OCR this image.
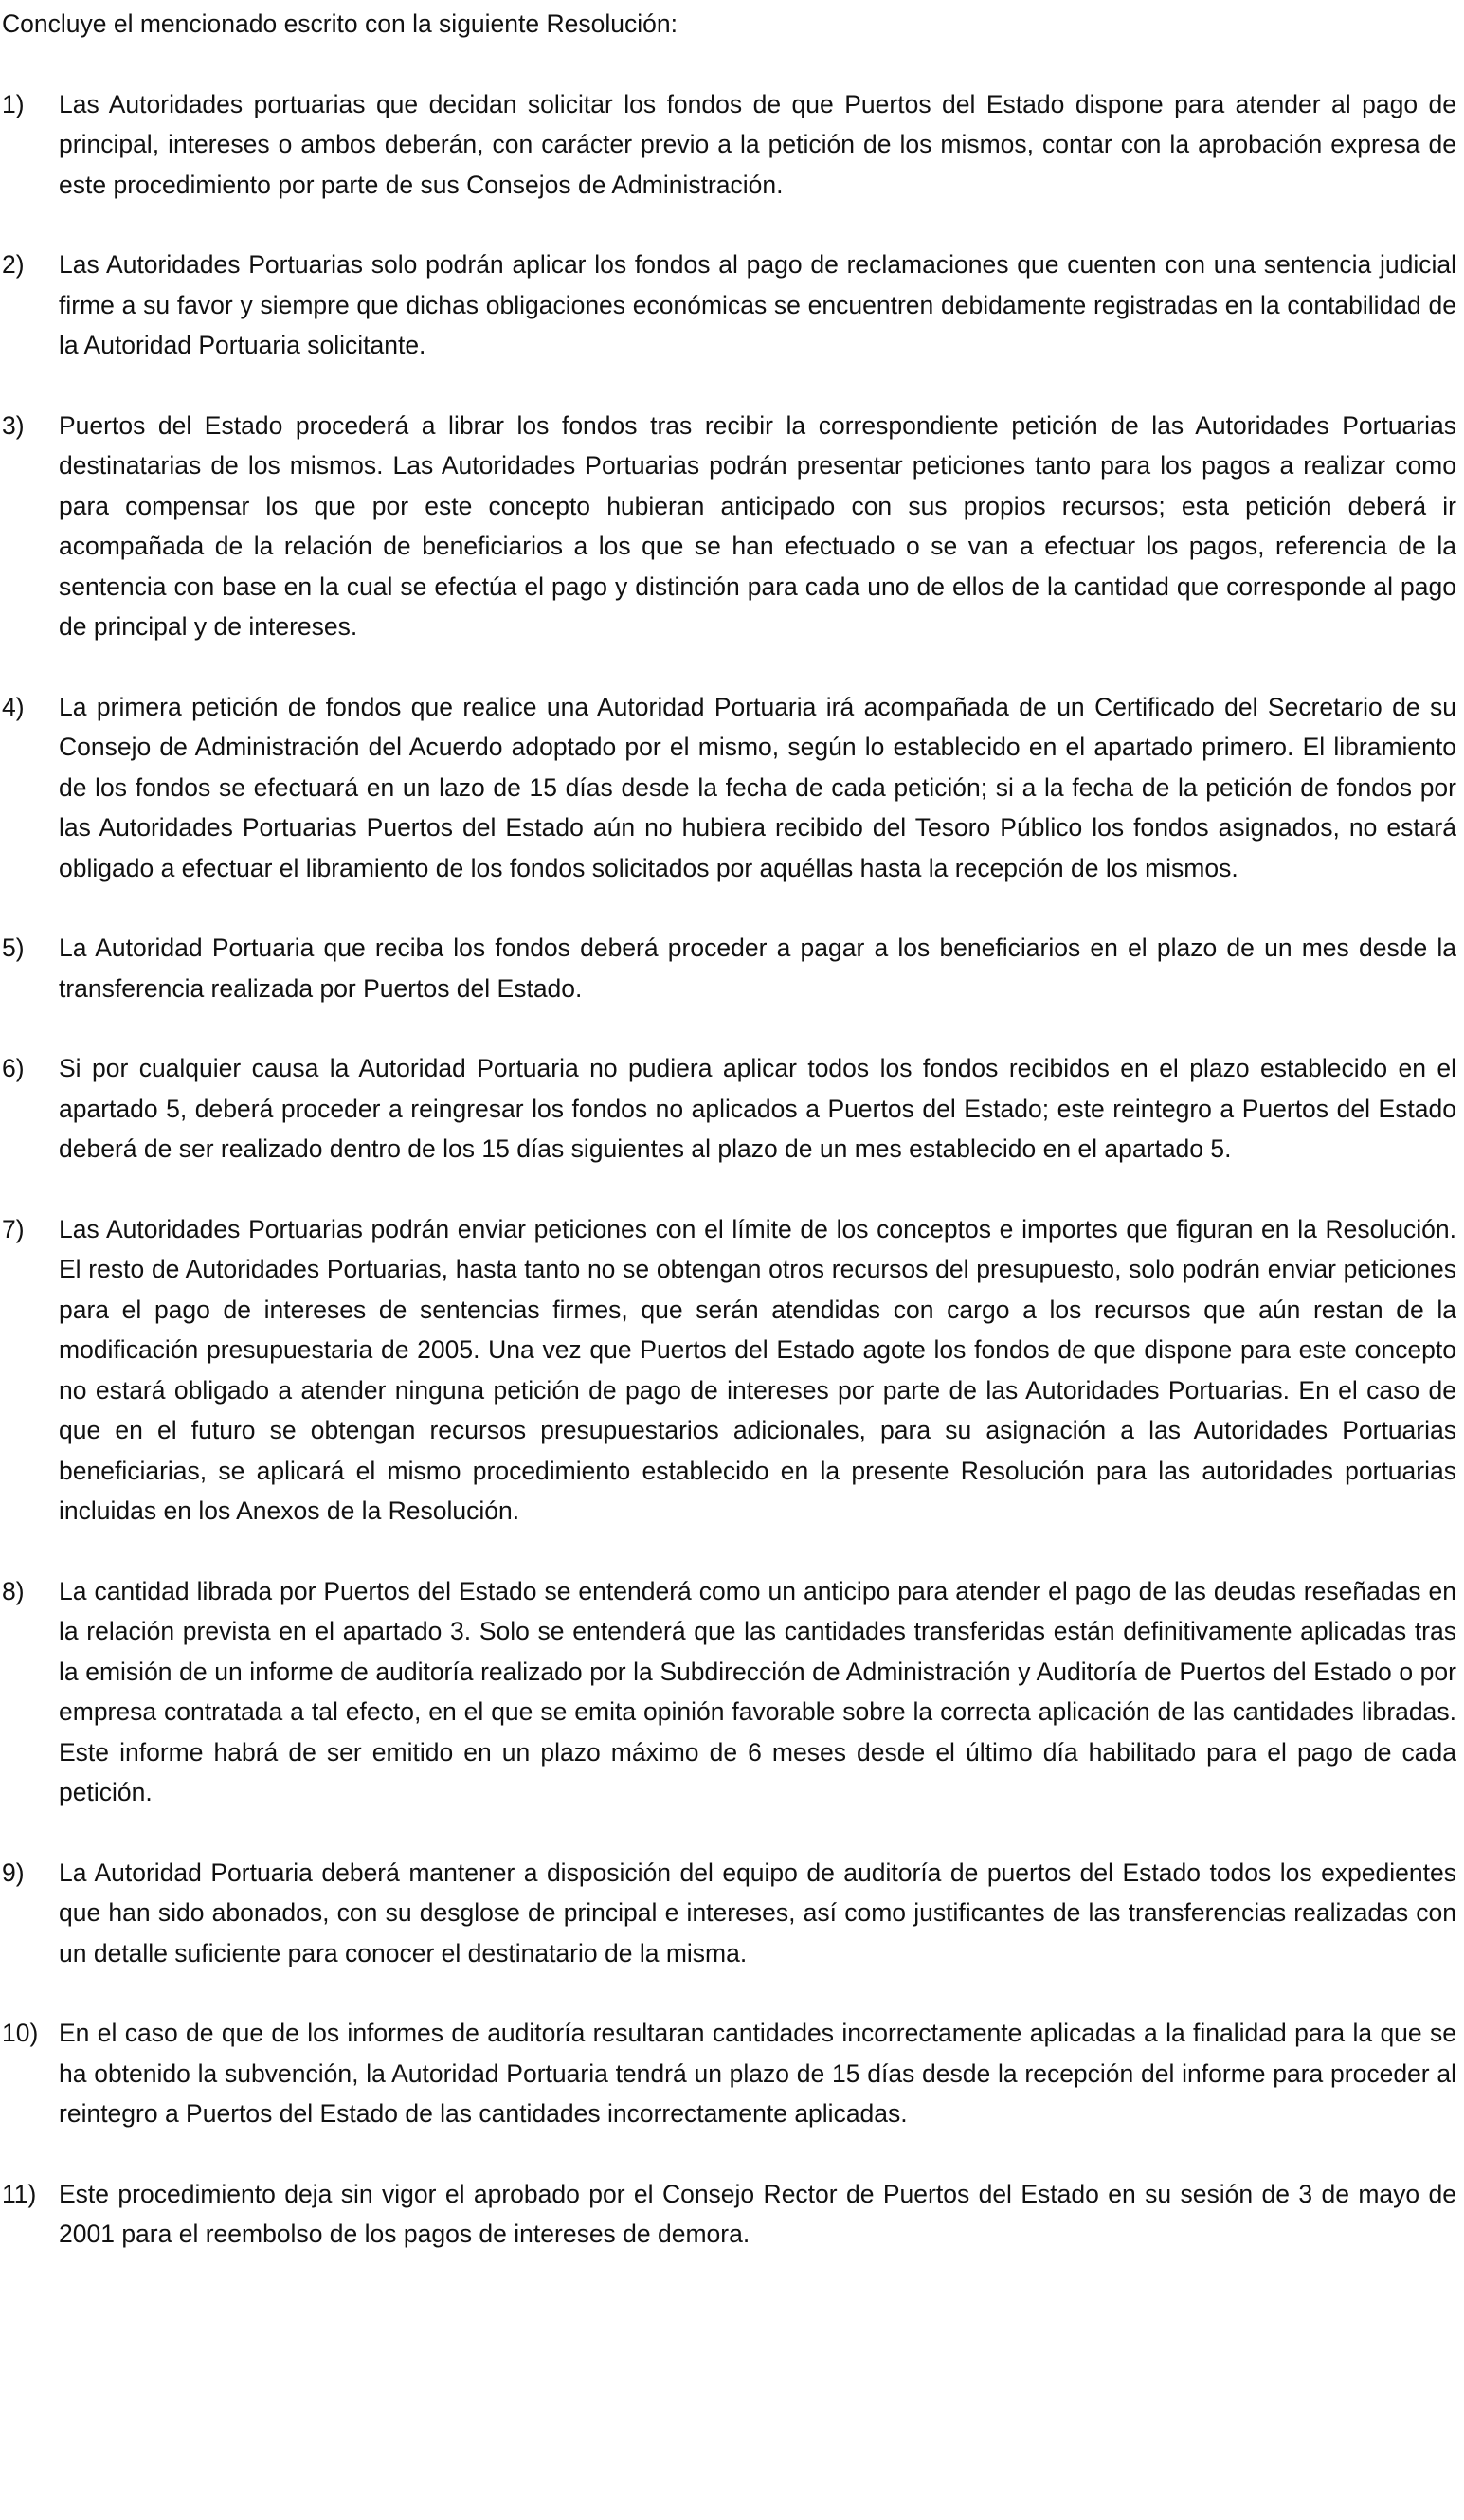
Concluye el mencionado escrito con la siguiente Resolución:

1)	Las Autoridades portuarias que decidan solicitar los fondos de que Puertos del Estado dispone para atender al pago de principal, intereses o ambos deberán, con carácter previo a la petición de los mismos, contar con la aprobación expresa de este procedimiento por parte de sus Consejos de Administración.
2)	Las Autoridades Portuarias solo podrán aplicar los fondos al pago de reclamaciones que cuenten con una sentencia judicial firme a su favor y siempre que dichas obligaciones económicas se encuentren debidamente registradas en la contabilidad de la Autoridad Portuaria solicitante.
3)	Puertos del Estado procederá a librar los fondos tras recibir la correspondiente petición de las Autoridades Portuarias destinatarias de los mismos. Las Autoridades Portuarias podrán presentar peticiones tanto para los pagos a realizar como para compensar los que por este concepto hubieran anticipado con sus propios recursos; esta petición deberá ir acompañada de la relación de beneficiarios a los que se han efectuado o se van a efectuar los pagos, referencia de la sentencia con base en la cual se efectúa el pago y distinción para cada uno de ellos de la cantidad que corresponde al pago de principal y de intereses.
4)	La primera petición de fondos que realice una Autoridad Portuaria irá acompañada de un Certificado del Secretario de su Consejo de Administración del Acuerdo adoptado por el mismo, según lo establecido en el apartado primero. El libramiento de los fondos se efectuará en un lazo de 15 días desde la fecha de cada petición; si a la fecha de la petición de fondos por las Autoridades Portuarias Puertos del Estado aún no hubiera recibido del Tesoro Público los fondos asignados, no estará obligado a efectuar el libramiento de los fondos solicitados por aquéllas hasta la recepción de los mismos.
5)	La Autoridad Portuaria que reciba los fondos deberá proceder a pagar a los beneficiarios en el plazo de un mes desde la transferencia realizada por Puertos del Estado.
6)	Si por cualquier causa la Autoridad Portuaria no pudiera aplicar todos los fondos recibidos en el plazo establecido en el apartado 5, deberá proceder a reingresar los fondos no aplicados a Puertos del Estado; este reintegro a Puertos del Estado deberá de ser realizado dentro de los 15 días siguientes al plazo de un mes establecido en el apartado 5.
7)	Las Autoridades Portuarias podrán enviar peticiones con el límite de los conceptos e importes que figuran en la Resolución. El resto de Autoridades Portuarias, hasta tanto no se obtengan otros recursos del presupuesto, solo podrán enviar peticiones para el pago de intereses de sentencias firmes, que serán atendidas con cargo a los recursos que aún restan de la modificación presupuestaria de 2005. Una vez que Puertos del Estado agote los fondos de que dispone para este concepto no estará obligado a atender ninguna petición de pago de intereses por parte de las Autoridades Portuarias. En el caso de que en el futuro se obtengan recursos presupuestarios adicionales, para su asignación a las Autoridades Portuarias beneficiarias, se aplicará el mismo procedimiento establecido en la presente Resolución para las autoridades portuarias incluidas en los Anexos de la Resolución.
8)	La cantidad librada por Puertos del Estado se entenderá como un anticipo para atender el pago de las deudas reseñadas en la relación prevista en el apartado 3. Solo se entenderá que las cantidades transferidas están definitivamente aplicadas tras la emisión de un informe de auditoría realizado por la Subdirección de Administración y Auditoría de Puertos del Estado o por empresa contratada a tal efecto, en el que se emita opinión favorable sobre la correcta aplicación de las cantidades libradas. Este informe habrá de ser emitido en un plazo máximo de 6 meses desde el último día habilitado para el pago de cada petición.
9)	La Autoridad Portuaria deberá mantener a disposición del equipo de auditoría de puertos del Estado todos los expedientes que han sido abonados, con su desglose de principal e intereses, así como justificantes de las transferencias realizadas con un detalle suficiente para conocer el destinatario de la misma.
10) En el caso de que de los informes de auditoría resultaran cantidades incorrectamente aplicadas a la finalidad para la que se ha obtenido la subvención, la Autoridad Portuaria tendrá un plazo de 15 días desde la recepción del informe para proceder al reintegro a Puertos del Estado de las cantidades incorrectamente aplicadas.
11) Este procedimiento deja sin vigor el aprobado por el Consejo Rector de Puertos del Estado en su sesión de 3 de mayo de 2001 para el reembolso de los pagos de intereses de demora.
